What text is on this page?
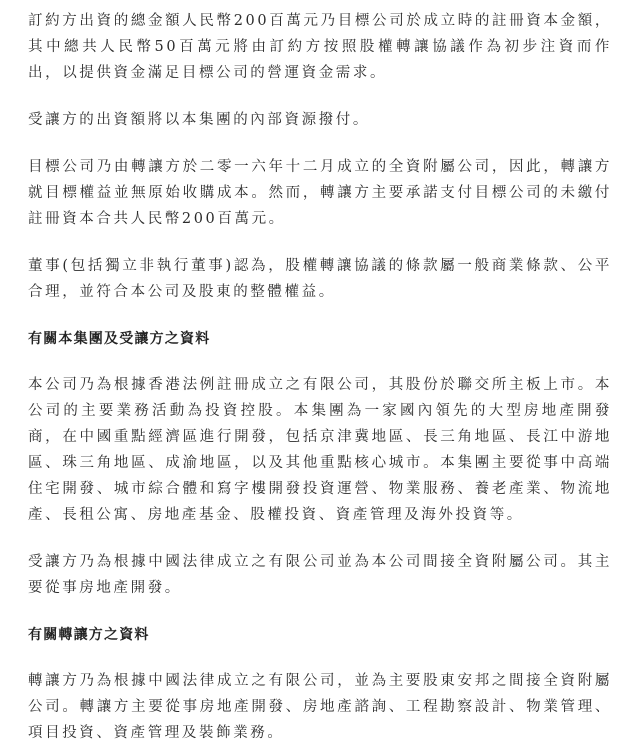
訂約方出資的總金額人民幣200百萬元乃目標公司於成立時的註冊資本金額，其中總共人民幣50百萬元將由訂約方按照股權轉讓協議作為初步注資而作出，以提供資金滿足目標公司的營運資金需求。

受讓方的出資額將以本集團的內部資源撥付。

目標公司乃由轉讓方於二零一六年十二月成立的全資附屬公司，因此，轉讓方就目標權益並無原始收購成本。然而，轉讓方主要承諾支付目標公司的未繳付註冊資本合共人民幣200百萬元。

董事(包括獨立非執行董事)認為，股權轉讓協議的條款屬一般商業條款、公平合理，並符合本公司及股東的整體權益。

有關本集團及受讓方之資料

本公司乃為根據香港法例註冊成立之有限公司，其股份於聯交所主板上市。本公司的主要業務活動為投資控股。本集團為一家國內領先的大型房地產開發商，在中國重點經濟區進行開發，包括京津冀地區、長三角地區、長江中游地區、珠三角地區、成渝地區，以及其他重點核心城市。本集團主要從事中高端住宅開發、城市綜合體和寫字樓開發投資運營、物業服務、養老產業、物流地產、長租公寓、房地產基金、股權投資、資產管理及海外投資等。

受讓方乃為根據中國法律成立之有限公司並為本公司間接全資附屬公司。其主要從事房地產開發。

有關轉讓方之資料

轉讓方乃為根據中國法律成立之有限公司，並為主要股東安邦之間接全資附屬公司。轉讓方主要從事房地產開發、房地產諮詢、工程勘察設計、物業管理、項目投資、資產管理及裝飾業務。
